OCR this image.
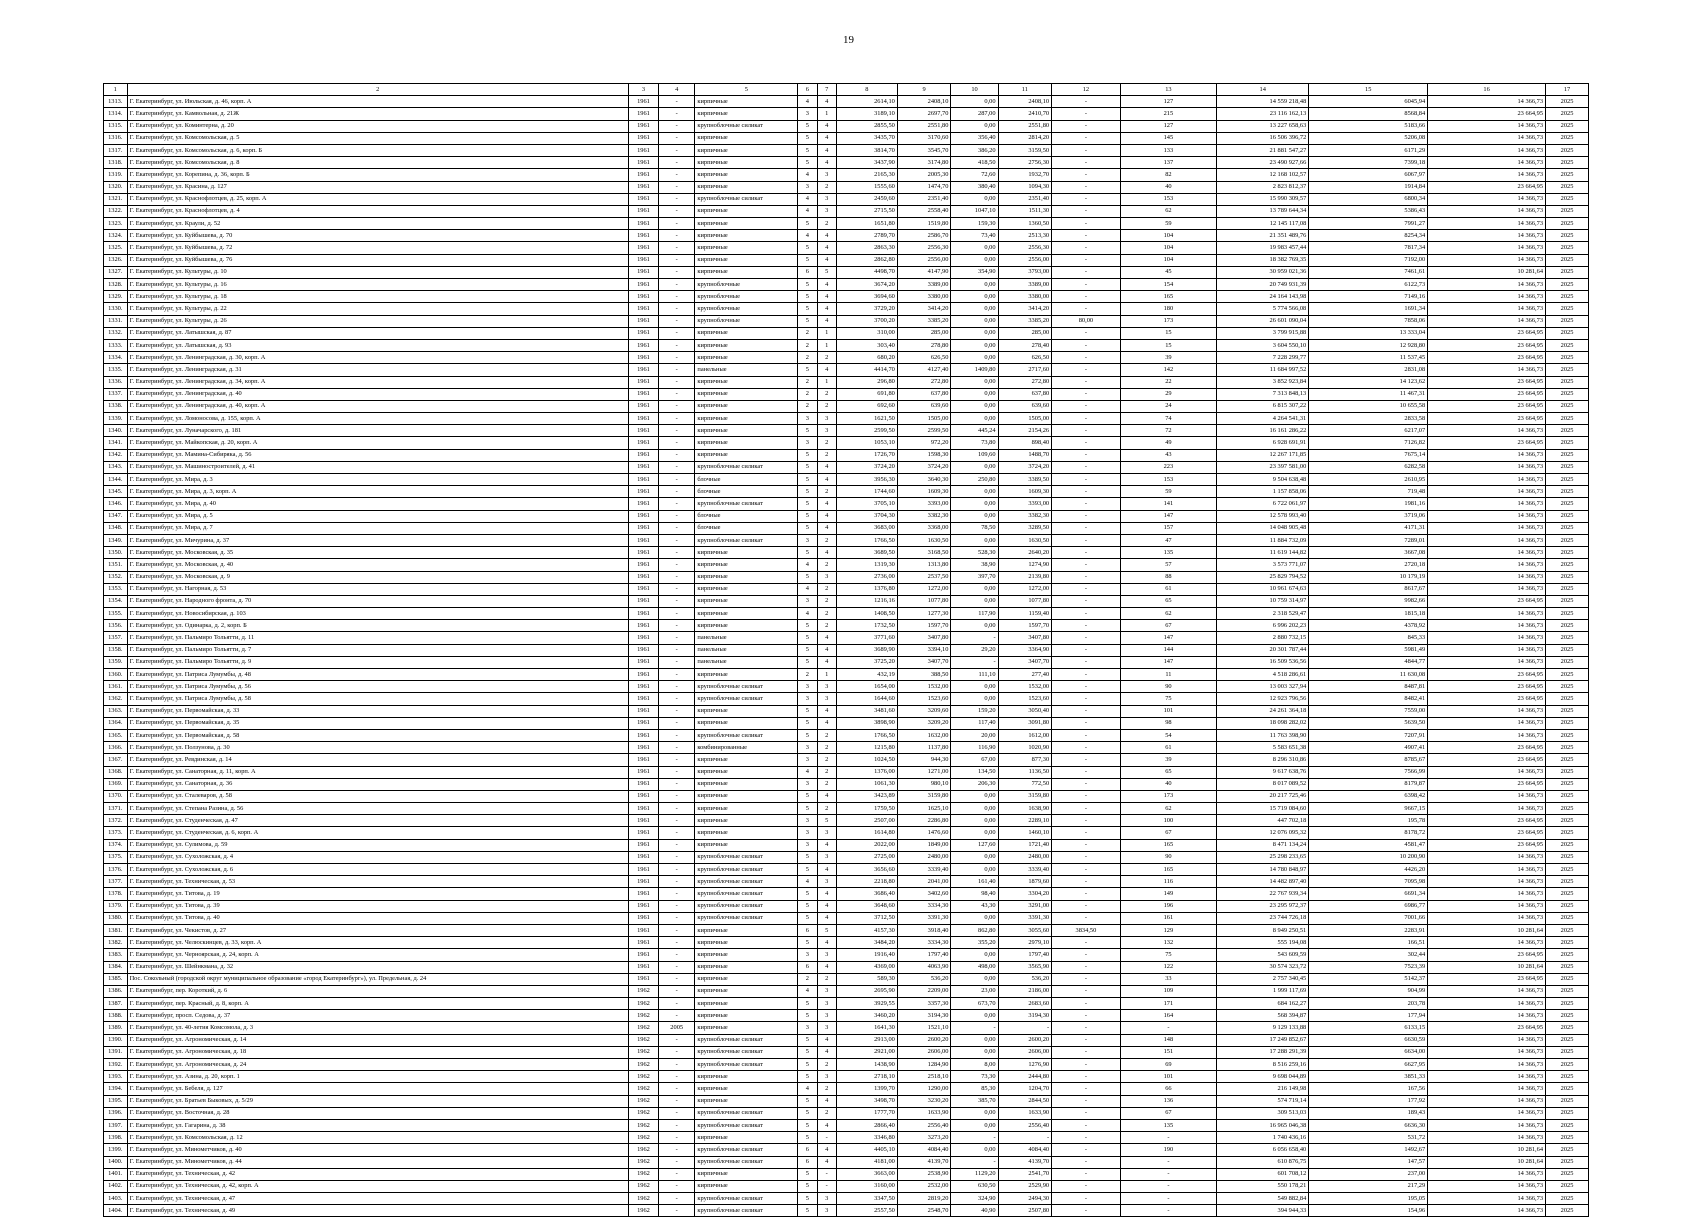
19
1	2	3	4	5	6	7	8	9	10	11	12	13	14	15	16	17
1313.	Г. Екатеринбург, ул. Июльская, д. 46, корп. А	1961	-	кирпичные	4	4	2614,10	2408,10	0,00	2408,10	-	127	14 559 218,48	6045,94	14 366,73	2025
1314.	Г. Екатеринбург, ул. Камвольная, д. 21Ж	1961	-	кирпичные	3	1	3189,10	2697,70	287,00	2410,70	-	215	23 116 162,13	8568,84	23 664,95	2025
1315.	Г. Екатеринбург, ул. Коминтерна, д. 20	1961	-	крупноблочные силикат	5	4	2855,50	2551,80	0,00	2551,80	-	127	13 227 658,63	5183,66	14 366,73	2025
1316.	Г. Екатеринбург, ул. Комсомольская, д. 5	1961	-	кирпичные	5	4	3435,70	3170,60	356,40	2814,20	-	145	16 506 396,72	5206,08	14 366,73	2025
1317.	Г. Екатеринбург, ул. Комсомольская, д. 6, корп. Б	1961	-	кирпичные	5	4	3814,70	3545,70	386,20	3159,50	-	133	21 881 547,27	6171,29	14 366,73	2025
1318.	Г. Екатеринбург, ул. Комсомольская, д. 8	1961	-	кирпичные	5	4	3437,90	3174,80	418,50	2756,30	-	137	23 490 927,66	7399,18	14 366,73	2025
1319.	Г. Екатеринбург, ул. Корепина, д. 36, корп. Б	1961	-	кирпичные	4	3	2165,30	2005,30	72,60	1932,70	-	82	12 168 102,57	6067,97	14 366,73	2025
1320.	Г. Екатеринбург, ул. Красина, д. 127	1961	-	кирпичные	3	2	1555,60	1474,70	380,40	1094,30	-	40	2 823 812,37	1914,84	23 664,95	2025
1321.	Г. Екатеринбург, ул. Краснофлотцев, д. 25, корп. А	1961	-	крупноблочные силикат	4	3	2459,60	2351,40	0,00	2351,40	-	153	15 990 309,57	6800,34	14 366,73	2025
1322.	Г. Екатеринбург, ул. Краснофлотцев, д. 4	1961	-	кирпичные	4	3	2715,50	2558,40	1047,10	1511,30	-	62	13 789 644,34	5386,43	14 366,73	2025
1323.	Г. Екатеринбург, ул. Краули, д. 52	1961	-	кирпичные	5	2	1651,80	1519,80	159,30	1360,50	-	59	12 145 117,08	7991,27	14 366,73	2025
1324.	Г. Екатеринбург, ул. Куйбышева, д. 70	1961	-	кирпичные	4	4	2789,70	2586,70	73,40	2513,30	-	104	21 351 489,76	8254,34	14 366,73	2025
1325.	Г. Екатеринбург, ул. Куйбышева, д. 72	1961	-	кирпичные	5	4	2863,30	2556,30	0,00	2556,30	-	104	19 983 457,44	7817,34	14 366,73	2025
1326.	Г. Екатеринбург, ул. Куйбышева, д. 76	1961	-	кирпичные	5	4	2862,80	2556,00	0,00	2556,00	-	104	18 382 769,35	7192,00	14 366,73	2025
1327.	Г. Екатеринбург, ул. Культуры, д. 10	1961	-	кирпичные	6	5	4498,70	4147,90	354,90	3793,00	-	45	30 959 021,36	7461,61	10 281,64	2025
1328.	Г. Екатеринбург, ул. Культуры, д. 16	1961	-	крупноблочные	5	4	3674,20	3389,00	0,00	3389,00	-	154	20 749 931,39	6122,73	14 366,73	2025
1329.	Г. Екатеринбург, ул. Культуры, д. 18	1961	-	крупноблочные	5	4	3694,60	3380,00	0,00	3380,00	-	165	24 164 143,98	7149,16	14 366,73	2025
1330.	Г. Екатеринбург, ул. Культуры, д. 22	1961	-	крупноблочные	5	4	3729,20	3414,20	0,00	3414,20	-	180	5 774 566,08	1691,34	14 366,73	2025
1331.	Г. Екатеринбург, ул. Культуры, д. 26	1961	-	крупноблочные	5	4	3700,20	3385,20	0,00	3385,20	80,00	173	26 601 090,04	7858,06	14 366,73	2025
1332.	Г. Екатеринбург, ул. Латышская, д. 87	1961	-	кирпичные	2	1	310,00	285,00	0,00	285,00	-	15	3 799 915,88	13 333,04	23 664,95	2025
1333.	Г. Екатеринбург, ул. Латышская, д. 93	1961	-	кирпичные	2	1	303,40	278,80	0,00	278,40	-	15	3 604 550,10	12 928,80	23 664,95	2025
1334.	Г. Екатеринбург, ул. Ленинградская, д. 30, корп. А	1961	-	кирпичные	2	2	680,20	626,50	0,00	626,50	-	39	7 228 299,77	11 537,45	23 664,95	2025
1335.	Г. Екатеринбург, ул. Ленинградская, д. 31	1961	-	панельные	5	4	4414,70	4127,40	1409,80	2717,60	-	142	11 684 997,52	2831,08	14 366,73	2025
1336.	Г. Екатеринбург, ул. Ленинградская, д. 34, корп. А	1961	-	кирпичные	2	1	296,80	272,80	0,00	272,80	-	22	3 852 923,84	14 123,62	23 664,95	2025
1337.	Г. Екатеринбург, ул. Ленинградская, д. 40	1961	-	кирпичные	2	2	691,80	637,80	0,00	637,80	-	29	7 313 848,13	11 467,31	23 664,95	2025
1338.	Г. Екатеринбург, ул. Ленинградская, д. 40, корп. А	1961	-	кирпичные	2	2	692,60	639,60	0,00	639,60	-	24	6 815 307,22	10 655,58	23 664,95	2025
1339.	Г. Екатеринбург, ул. Ломоносова, д. 155, корп. А	1961	-	кирпичные	3	3	1621,50	1505,00	0,00	1505,00	-	74	4 264 541,31	2833,58	23 664,95	2025
1340.	Г. Екатеринбург, ул. Луначарского, д. 181	1961	-	кирпичные	5	3	2599,50	2599,50	445,24	2154,26	-	72	16 161 286,22	6217,07	14 366,73	2025
1341.	Г. Екатеринбург, ул. Майкопская, д. 20, корп. А	1961	-	кирпичные	3	2	1053,10	972,20	73,80	898,40	-	49	6 928 691,91	7126,82	23 664,95	2025
1342.	Г. Екатеринбург, ул. Мамина-Сибиряка, д. 56	1961	-	кирпичные	5	2	1726,70	1598,30	109,60	1488,70	-	43	12 267 171,85	7675,14	14 366,73	2025
1343.	Г. Екатеринбург, ул. Машиностроителей, д. 41	1961	-	крупноблочные силикат	5	4	3724,20	3724,20	0,00	3724,20	-	223	23 397 581,00	6282,58	14 366,73	2025
1344.	Г. Екатеринбург, ул. Мира, д. 3	1961	-	блочные	5	4	3956,30	3640,30	250,80	3389,50	-	153	9 504 638,48	2610,95	14 366,73	2025
1345.	Г. Екатеринбург, ул. Мира, д. 3, корп. А	1961	-	блочные	5	2	1744,60	1609,30	0,00	1609,30	-	59	1 157 858,06	719,48	14 366,73	2025
1346.	Г. Екатеринбург, ул. Мира, д. 40	1961	-	крупноблочные силикат	5	4	3705,10	3393,00	0,00	3393,00	-	141	6 722 061,97	1981,16	14 366,73	2025
1347.	Г. Екатеринбург, ул. Мира, д. 5	1961	-	блочные	5	4	3704,30	3382,30	0,00	3382,30	-	147	12 578 993,40	3719,06	14 366,73	2025
1348.	Г. Екатеринбург, ул. Мира, д. 7	1961	-	блочные	5	4	3683,00	3368,00	78,50	3289,50	-	157	14 048 905,48	4171,31	14 366,73	2025
1349.	Г. Екатеринбург, ул. Мичурина, д. 37	1961	-	крупноблочные силикат	3	2	1766,50	1630,50	0,00	1630,50	-	47	11 884 732,09	7289,01	14 366,73	2025
1350.	Г. Екатеринбург, ул. Московская, д. 35	1961	-	кирпичные	5	4	3689,50	3168,50	528,30	2640,20	-	135	11 619 144,82	3667,08	14 366,73	2025
1351.	Г. Екатеринбург, ул. Московская, д. 40	1961	-	кирпичные	4	2	1319,30	1313,80	38,90	1274,90	-	57	3 573 771,07	2720,18	14 366,73	2025
1352.	Г. Екатеринбург, ул. Московская, д. 9	1961	-	кирпичные	5	3	2736,00	2537,50	397,70	2139,80	-	88	25 829 794,52	10 179,19	14 366,73	2025
1353.	Г. Екатеринбург, ул. Нагорная, д. 53	1961	-	кирпичные	4	2	1376,80	1272,00	0,00	1272,00	-	61	10 961 674,63	8617,67	14 366,73	2025
1354.	Г. Екатеринбург, ул. Народного фронта, д. 70	1961	-	кирпичные	3	2	1216,16	1077,80	0,00	1077,80	-	65	10 759 314,97	9982,66	23 664,95	2025
1355.	Г. Екатеринбург, ул. Новосибирская, д. 103	1961	-	кирпичные	4	2	1408,50	1277,30	117,90	1159,40	-	62	2 318 529,47	1815,18	14 366,73	2025
1356.	Г. Екатеринбург, ул. Одинарка, д. 2, корп. Б	1961	-	кирпичные	5	2	1732,50	1597,70	0,00	1597,70	-	67	6 996 202,23	4378,92	14 366,73	2025
1357.	Г. Екатеринбург, ул. Пальмиро Тольятти, д. 11	1961	-	панельные	5	4	3771,60	3407,80	-	3407,80	-	147	2 880 732,15	845,33	14 366,73	2025
1358.	Г. Екатеринбург, ул. Пальмиро Тольятти, д. 7	1961	-	панельные	5	4	3689,90	3394,10	29,20	3364,90	-	144	20 301 787,44	5981,49	14 366,73	2025
1359.	Г. Екатеринбург, ул. Пальмиро Тольятти, д. 9	1961	-	панельные	5	4	3725,20	3407,70	-	3407,70	-	147	16 509 536,56	4844,77	14 366,73	2025
1360.	Г. Екатеринбург, ул. Патриса Лумумбы, д. 48	1961	-	кирпичные	2	1	432,19	388,50	111,10	277,40	-	11	4 518 286,61	11 630,08	23 664,95	2025
1361.	Г. Екатеринбург, ул. Патриса Лумумбы, д. 56	1961	-	крупноблочные силикат	3	3	1654,00	1532,00	0,00	1532,00	-	90	13 003 327,94	8487,81	23 664,95	2025
1362.	Г. Екатеринбург, ул. Патриса Лумумбы, д. 58	1961	-	крупноблочные силикат	3	3	1644,60	1523,60	0,00	1523,60	-	75	12 923 796,56	8482,41	23 664,95	2025
1363.	Г. Екатеринбург, ул. Первомайская, д. 33	1961	-	кирпичные	5	4	3481,60	3209,60	159,20	3050,40	-	101	24 261 364,18	7559,00	14 366,73	2025
1364.	Г. Екатеринбург, ул. Первомайская, д. 35	1961	-	кирпичные	5	4	3898,90	3209,20	117,40	3091,80	-	98	18 098 282,02	5639,50	14 366,73	2025
1365.	Г. Екатеринбург, ул. Первомайская, д. 58	1961	-	крупноблочные силикат	5	2	1766,50	1632,00	20,00	1612,00	-	54	11 763 398,90	7207,91	14 366,73	2025
1366.	Г. Екатеринбург, ул. Ползунова, д. 30	1961	-	комбинированные	3	2	1215,80	1137,80	116,90	1020,90	-	61	5 583 651,38	4907,41	23 664,95	2025
1367.	Г. Екатеринбург, ул. Ревдинская, д. 14	1961	-	кирпичные	3	2	1024,50	944,30	67,00	877,30	-	39	8 296 310,86	8785,67	23 664,95	2025
1368.	Г. Екатеринбург, ул. Санаторная, д. 11, корп. А	1961	-	кирпичные	4	2	1376,00	1271,00	134,50	1136,50	-	65	9 617 638,76	7566,99	14 366,73	2025
1369.	Г. Екатеринбург, ул. Санаторная, д. 36	1961	-	кирпичные	3	2	1061,30	980,10	206,30	772,50	-	40	8 017 089,52	8179,87	23 664,95	2025
1370.	Г. Екатеринбург, ул. Сталеваров, д. 58	1961	-	кирпичные	5	4	3423,89	3159,80	0,00	3159,80	-	173	20 217 725,46	6398,42	14 366,73	2025
1371.	Г. Екатеринбург, ул. Степана Разина, д. 56	1961	-	кирпичные	5	2	1759,50	1625,10	0,00	1638,90	-	62	15 719 084,60	9667,15	14 366,73	2025
1372.	Г. Екатеринбург, ул. Студенческая, д. 47	1961	-	кирпичные	3	5	2507,00	2286,80	0,00	2289,10	-	100	447 702,18	195,78	23 664,95	2025
1373.	Г. Екатеринбург, ул. Студенческая, д. 6, корп. А	1961	-	кирпичные	3	3	1614,80	1476,60	0,00	1460,10	-	67	12 076 095,32	8178,72	23 664,95	2025
1374.	Г. Екатеринбург, ул. Сулимова, д. 59	1961	-	кирпичные	3	4	2022,00	1849,00	127,60	1721,40	-	165	8 471 134,24	4581,47	23 664,95	2025
1375.	Г. Екатеринбург, ул. Сухоложская, д. 4	1961	-	крупноблочные силикат	5	3	2725,00	2480,00	0,00	2480,00	-	90	25 298 233,65	10 200,90	14 366,73	2025
1376.	Г. Екатеринбург, ул. Сухоложская, д. 6	1961	-	крупноблочные силикат	5	4	3656,60	3339,40	0,00	3339,40	-	165	14 780 848,97	4426,20	14 366,73	2025
1377.	Г. Екатеринбург, ул. Техническая, д. 53	1961	-	крупноблочные силикат	4	3	2218,80	2041,00	161,40	1879,60	-	116	14 482 897,40	7095,98	14 366,73	2025
1378.	Г. Екатеринбург, ул. Титова, д. 19	1961	-	крупноблочные силикат	5	4	3686,40	3402,60	98,40	3304,20	-	149	22 767 939,34	6691,34	14 366,73	2025
1379.	Г. Екатеринбург, ул. Титова, д. 39	1961	-	крупноблочные силикат	5	4	3648,60	3334,30	43,30	3291,00	-	196	23 295 972,37	6986,77	14 366,73	2025
1380.	Г. Екатеринбург, ул. Титова, д. 40	1961	-	крупноблочные силикат	5	4	3712,50	3391,30	0,00	3391,30	-	161	23 744 726,18	7001,66	14 366,73	2025
1381.	Г. Екатеринбург, ул. Чекистов, д. 27	1961	-	кирпичные	6	5	4157,30	3918,40	862,80	3055,60	3834,50	129	8 949 250,51	2283,91	10 281,64	2025
1382.	Г. Екатеринбург, ул. Челюскинцев, д. 33, корп. А	1961	-	кирпичные	5	4	3484,20	3334,30	355,20	2979,10	-	132	555 194,08	166,51	14 366,73	2025
1383.	Г. Екатеринбург, ул. Черноярская, д. 24, корп. А	1961	-	кирпичные	3	3	1916,40	1797,40	0,00	1797,40	-	75	543 609,59	302,44	23 664,95	2025
1384.	Г. Екатеринбург, ул. Шейнкмана, д. 32	1961	-	кирпичные	6	4	4369,00	4063,90	498,00	3565,90	-	122	30 574 323,72	7523,39	10 281,64	2025
1385.	Пос. Сокольный (городской округ муниципальное образование «город Екатеринбург»), ул. Предельная, д. 24	1961	-	кирпичные	2	2	589,30	536,20	0,00	536,20	-	33	2 757 340,45	5142,37	23 664,95	2025
1386.	Г. Екатеринбург, пер. Короткий, д. 6	1962	-	кирпичные	4	3	2695,90	2209,00	23,00	2186,00	-	109	1 999 117,69	904,99	14 366,73	2025
1387.	Г. Екатеринбург, пер. Красный, д. 8, корп. А	1962	-	кирпичные	5	3	3929,55	3357,30	673,70	2683,60	-	171	684 162,27	203,78	14 366,73	2025
1388.	Г. Екатеринбург, просп. Седова, д. 37	1962	-	кирпичные	5	3	3460,20	3194,30	0,00	3194,30	-	164	568 394,87	177,94	14 366,73	2025
1389.	Г. Екатеринбург, ул. 40-летия Комсомола, д. 3	1962	2005	кирпичные	3	3	1641,30	1521,10	-	-	-	-	9 129 133,88	6133,15	23 664,95	2025
1390.	Г. Екатеринбург, ул. Агрономическая, д. 14	1962	-	крупноблочные силикат	5	4	2913,00	2600,20	0,00	2600,20	-	148	17 249 852,67	6630,59	14 366,73	2025
1391.	Г. Екатеринбург, ул. Агрономическая, д. 18	1962	-	крупноблочные силикат	5	4	2921,00	2606,00	0,00	2606,00	-	151	17 288 291,39	6634,00	14 366,73	2025
1392.	Г. Екатеринбург, ул. Агрономическая, д. 24	1962	-	крупноблочные силикат	5	2	1438,90	1284,90	8,00	1276,90	-	69	8 516 259,16	6627,95	14 366,73	2025
1393.	Г. Екатеринбург, ул. Азина, д. 20, корп. 1	1962	-	кирпичные	5	3	2718,10	2518,10	73,30	2444,80	-	101	9 698 044,89	3851,33	14 366,73	2025
1394.	Г. Екатеринбург, ул. Бебеля, д. 127	1962	-	кирпичные	4	2	1399,70	1290,00	85,30	1204,70	-	66	216 149,98	167,56	14 366,73	2025
1395.	Г. Екатеринбург, ул. Братьев Быковых, д. 5/29	1962	-	кирпичные	5	4	3498,70	3230,20	385,70	2844,50	-	136	574 719,14	177,92	14 366,73	2025
1396.	Г. Екатеринбург, ул. Восточная, д. 28	1962	-	крупноблочные силикат	5	2	1777,70	1633,90	0,00	1633,90	-	67	309 513,03	189,43	14 366,73	2025
1397.	Г. Екатеринбург, ул. Гагарина, д. 38	1962	-	крупноблочные силикат	5	4	2866,40	2556,40	0,00	2556,40	-	135	16 965 046,38	6636,30	14 366,73	2025
1398.	Г. Екатеринбург, ул. Комсомольская, д. 12	1962	-	кирпичные	5	-	3346,80	3273,20	-	-	-	-	1 740 436,16	531,72	14 366,73	2025
1399.	Г. Екатеринбург, ул. Минометчиков, д. 40	1962	-	крупноблочные силикат	6	4	4405,10	4084,40	0,00	4084,40	-	190	6 056 658,40	1492,67	10 281,64	2025
1400.	Г. Екатеринбург, ул. Минометчиков, д. 44	1962	-	крупноблочные силикат	6	4	4181,00	4139,70	-	4139,70	-	-	610 876,75	147,57	10 281,64	2025
1401.	Г. Екатеринбург, ул. Техническая, д. 42	1962	-	кирпичные	5	-	3663,00	2538,90	1129,20	2541,70	-	-	601 708,12	237,00	14 366,73	2025
1402.	Г. Екатеринбург, ул. Техническая, д. 42, корп. А	1962	-	кирпичные	5	-	3160,00	2532,00	630,50	2529,90	-	-	550 178,21	217,29	14 366,73	2025
1403.	Г. Екатеринбург, ул. Техническая, д. 47	1962	-	крупноблочные силикат	5	3	3347,50	2819,20	324,90	2494,30	-	-	549 882,84	195,05	14 366,73	2025
1404.	Г. Екатеринбург, ул. Техническая, д. 49	1962	-	крупноблочные силикат	5	3	2557,50	2548,70	40,90	2507,80	-	-	394 944,33	154,96	14 366,73	2025
